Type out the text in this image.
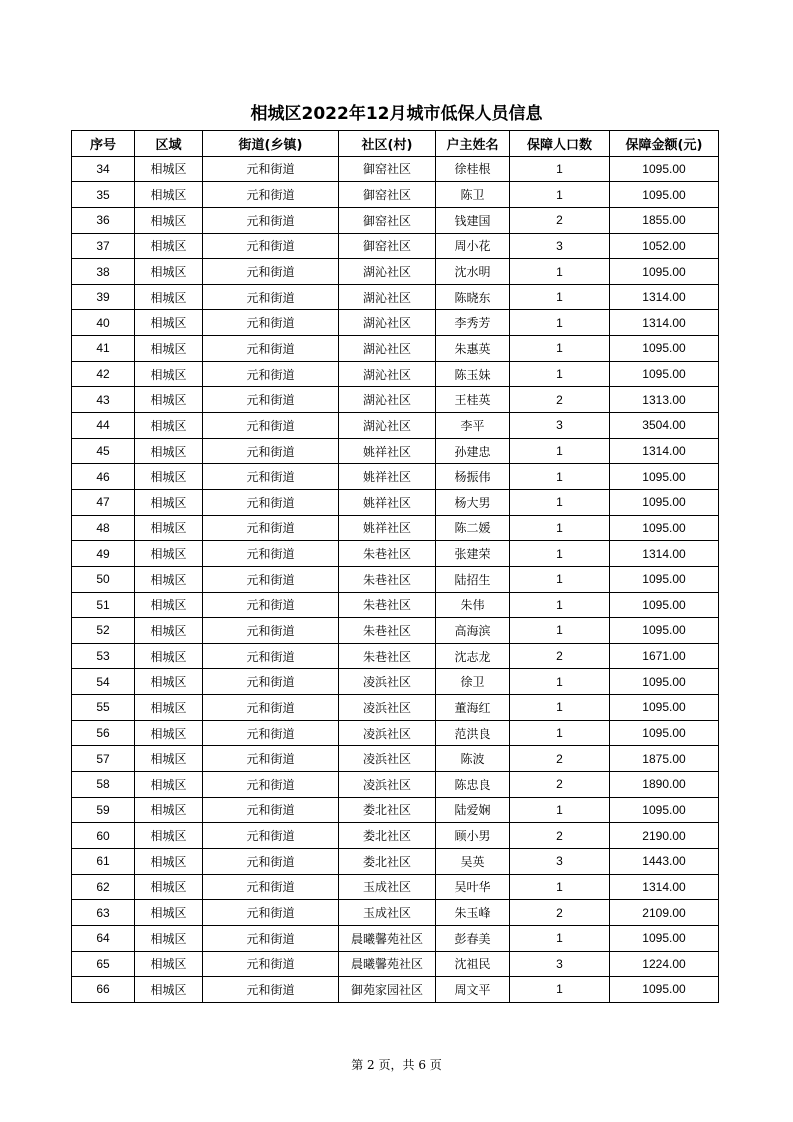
相城区2022年12月城市低保人员信息
序号	区域	街道(乡镇)	社区(村)	户主姓名	保障人口数	保障金额(元)
34	相城区	元和街道	御窑社区	徐桂根	1	1095.00
35	相城区	元和街道	御窑社区	陈卫	1	1095.00
36	相城区	元和街道	御窑社区	钱建国	2	1855.00
37	相城区	元和街道	御窑社区	周小花	3	1052.00
38	相城区	元和街道	湖沁社区	沈水明	1	1095.00
39	相城区	元和街道	湖沁社区	陈晓东	1	1314.00
40	相城区	元和街道	湖沁社区	李秀芳	1	1314.00
41	相城区	元和街道	湖沁社区	朱惠英	1	1095.00
42	相城区	元和街道	湖沁社区	陈玉妹	1	1095.00
43	相城区	元和街道	湖沁社区	王桂英	2	1313.00
44	相城区	元和街道	湖沁社区	李平	3	3504.00
45	相城区	元和街道	姚祥社区	孙建忠	1	1314.00
46	相城区	元和街道	姚祥社区	杨振伟	1	1095.00
47	相城区	元和街道	姚祥社区	杨大男	1	1095.00
48	相城区	元和街道	姚祥社区	陈二媛	1	1095.00
49	相城区	元和街道	朱巷社区	张建荣	1	1314.00
50	相城区	元和街道	朱巷社区	陆招生	1	1095.00
51	相城区	元和街道	朱巷社区	朱伟	1	1095.00
52	相城区	元和街道	朱巷社区	高海滨	1	1095.00
53	相城区	元和街道	朱巷社区	沈志龙	2	1671.00
54	相城区	元和街道	凌浜社区	徐卫	1	1095.00
55	相城区	元和街道	凌浜社区	董海红	1	1095.00
56	相城区	元和街道	凌浜社区	范洪良	1	1095.00
57	相城区	元和街道	凌浜社区	陈波	2	1875.00
58	相城区	元和街道	凌浜社区	陈忠良	2	1890.00
59	相城区	元和街道	娄北社区	陆爱娴	1	1095.00
60	相城区	元和街道	娄北社区	顾小男	2	2190.00
61	相城区	元和街道	娄北社区	吴英	3	1443.00
62	相城区	元和街道	玉成社区	吴叶华	1	1314.00
63	相城区	元和街道	玉成社区	朱玉峰	2	2109.00
64	相城区	元和街道	晨曦馨苑社区	彭春美	1	1095.00
65	相城区	元和街道	晨曦馨苑社区	沈祖民	3	1224.00
66	相城区	元和街道	御苑家园社区	周文平	1	1095.00
第 2 页，共 6 页
